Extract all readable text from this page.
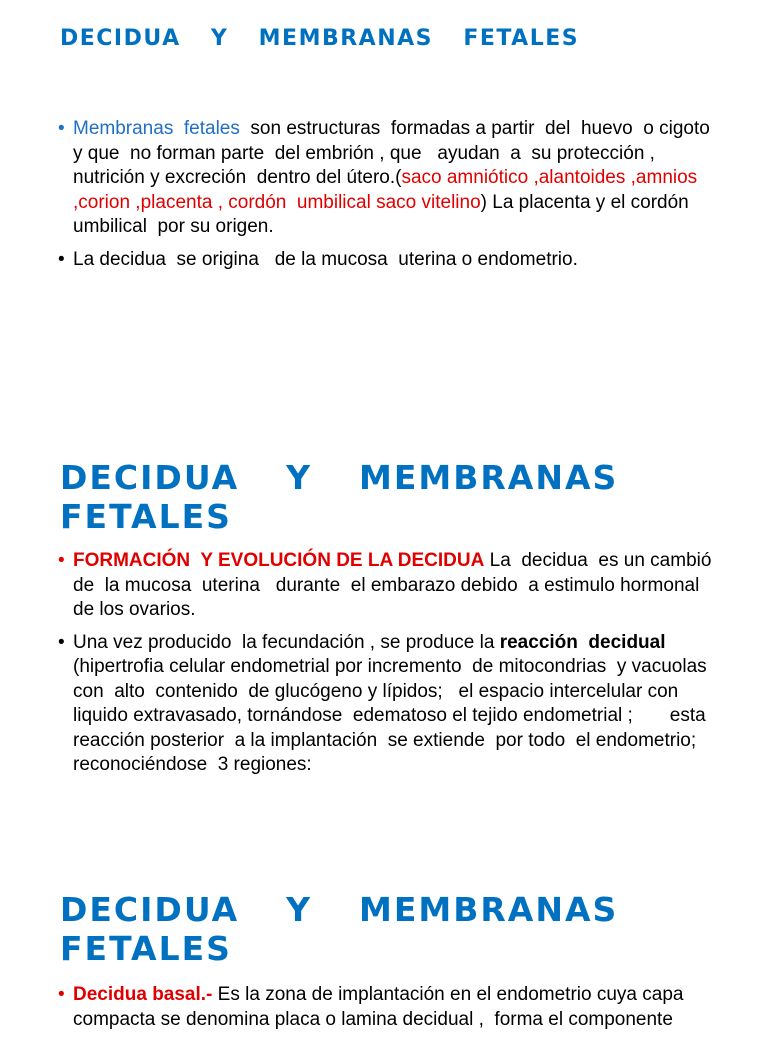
DECIDUA  Y  MEMBRANAS  FETALES
• Membranas  fetales  son estructuras  formadas a partir  del  huevo  o cigoto y que  no forman parte  del embrión , que   ayudan  a  su protección , nutrición y excreción  dentro del útero.(saco amniótico ,alantoides ,amnios ,corion ,placenta , cordón  umbilical saco vitelino) La placenta y el cordón umbilical  por su origen.
• La decidua  se origina   de la mucosa  uterina o endometrio.
DECIDUA  Y  MEMBRANAS
FETALES
• FORMACIÓN  Y EVOLUCIÓN DE LA DECIDUA La  decidua  es un cambió de  la mucosa  uterina   durante  el embarazo debido  a estimulo hormonal  de los ovarios.
• Una vez producido  la fecundación , se produce la reacción  decidual (hipertrofia celular endometrial por incremento  de mitocondrias  y vacuolas con  alto  contenido  de glucógeno y lípidos;   el espacio intercelular con liquido extravasado, tornándose  edematoso el tejido endometrial ;       esta reacción posterior  a la implantación  se extiende  por todo  el endometrio; reconociéndose  3 regiones:
DECIDUA  Y  MEMBRANAS
FETALES
• Decidua basal.- Es la zona de implantación en el endometrio cuya capa compacta se denomina placa o lamina decidual ,  forma el componente
